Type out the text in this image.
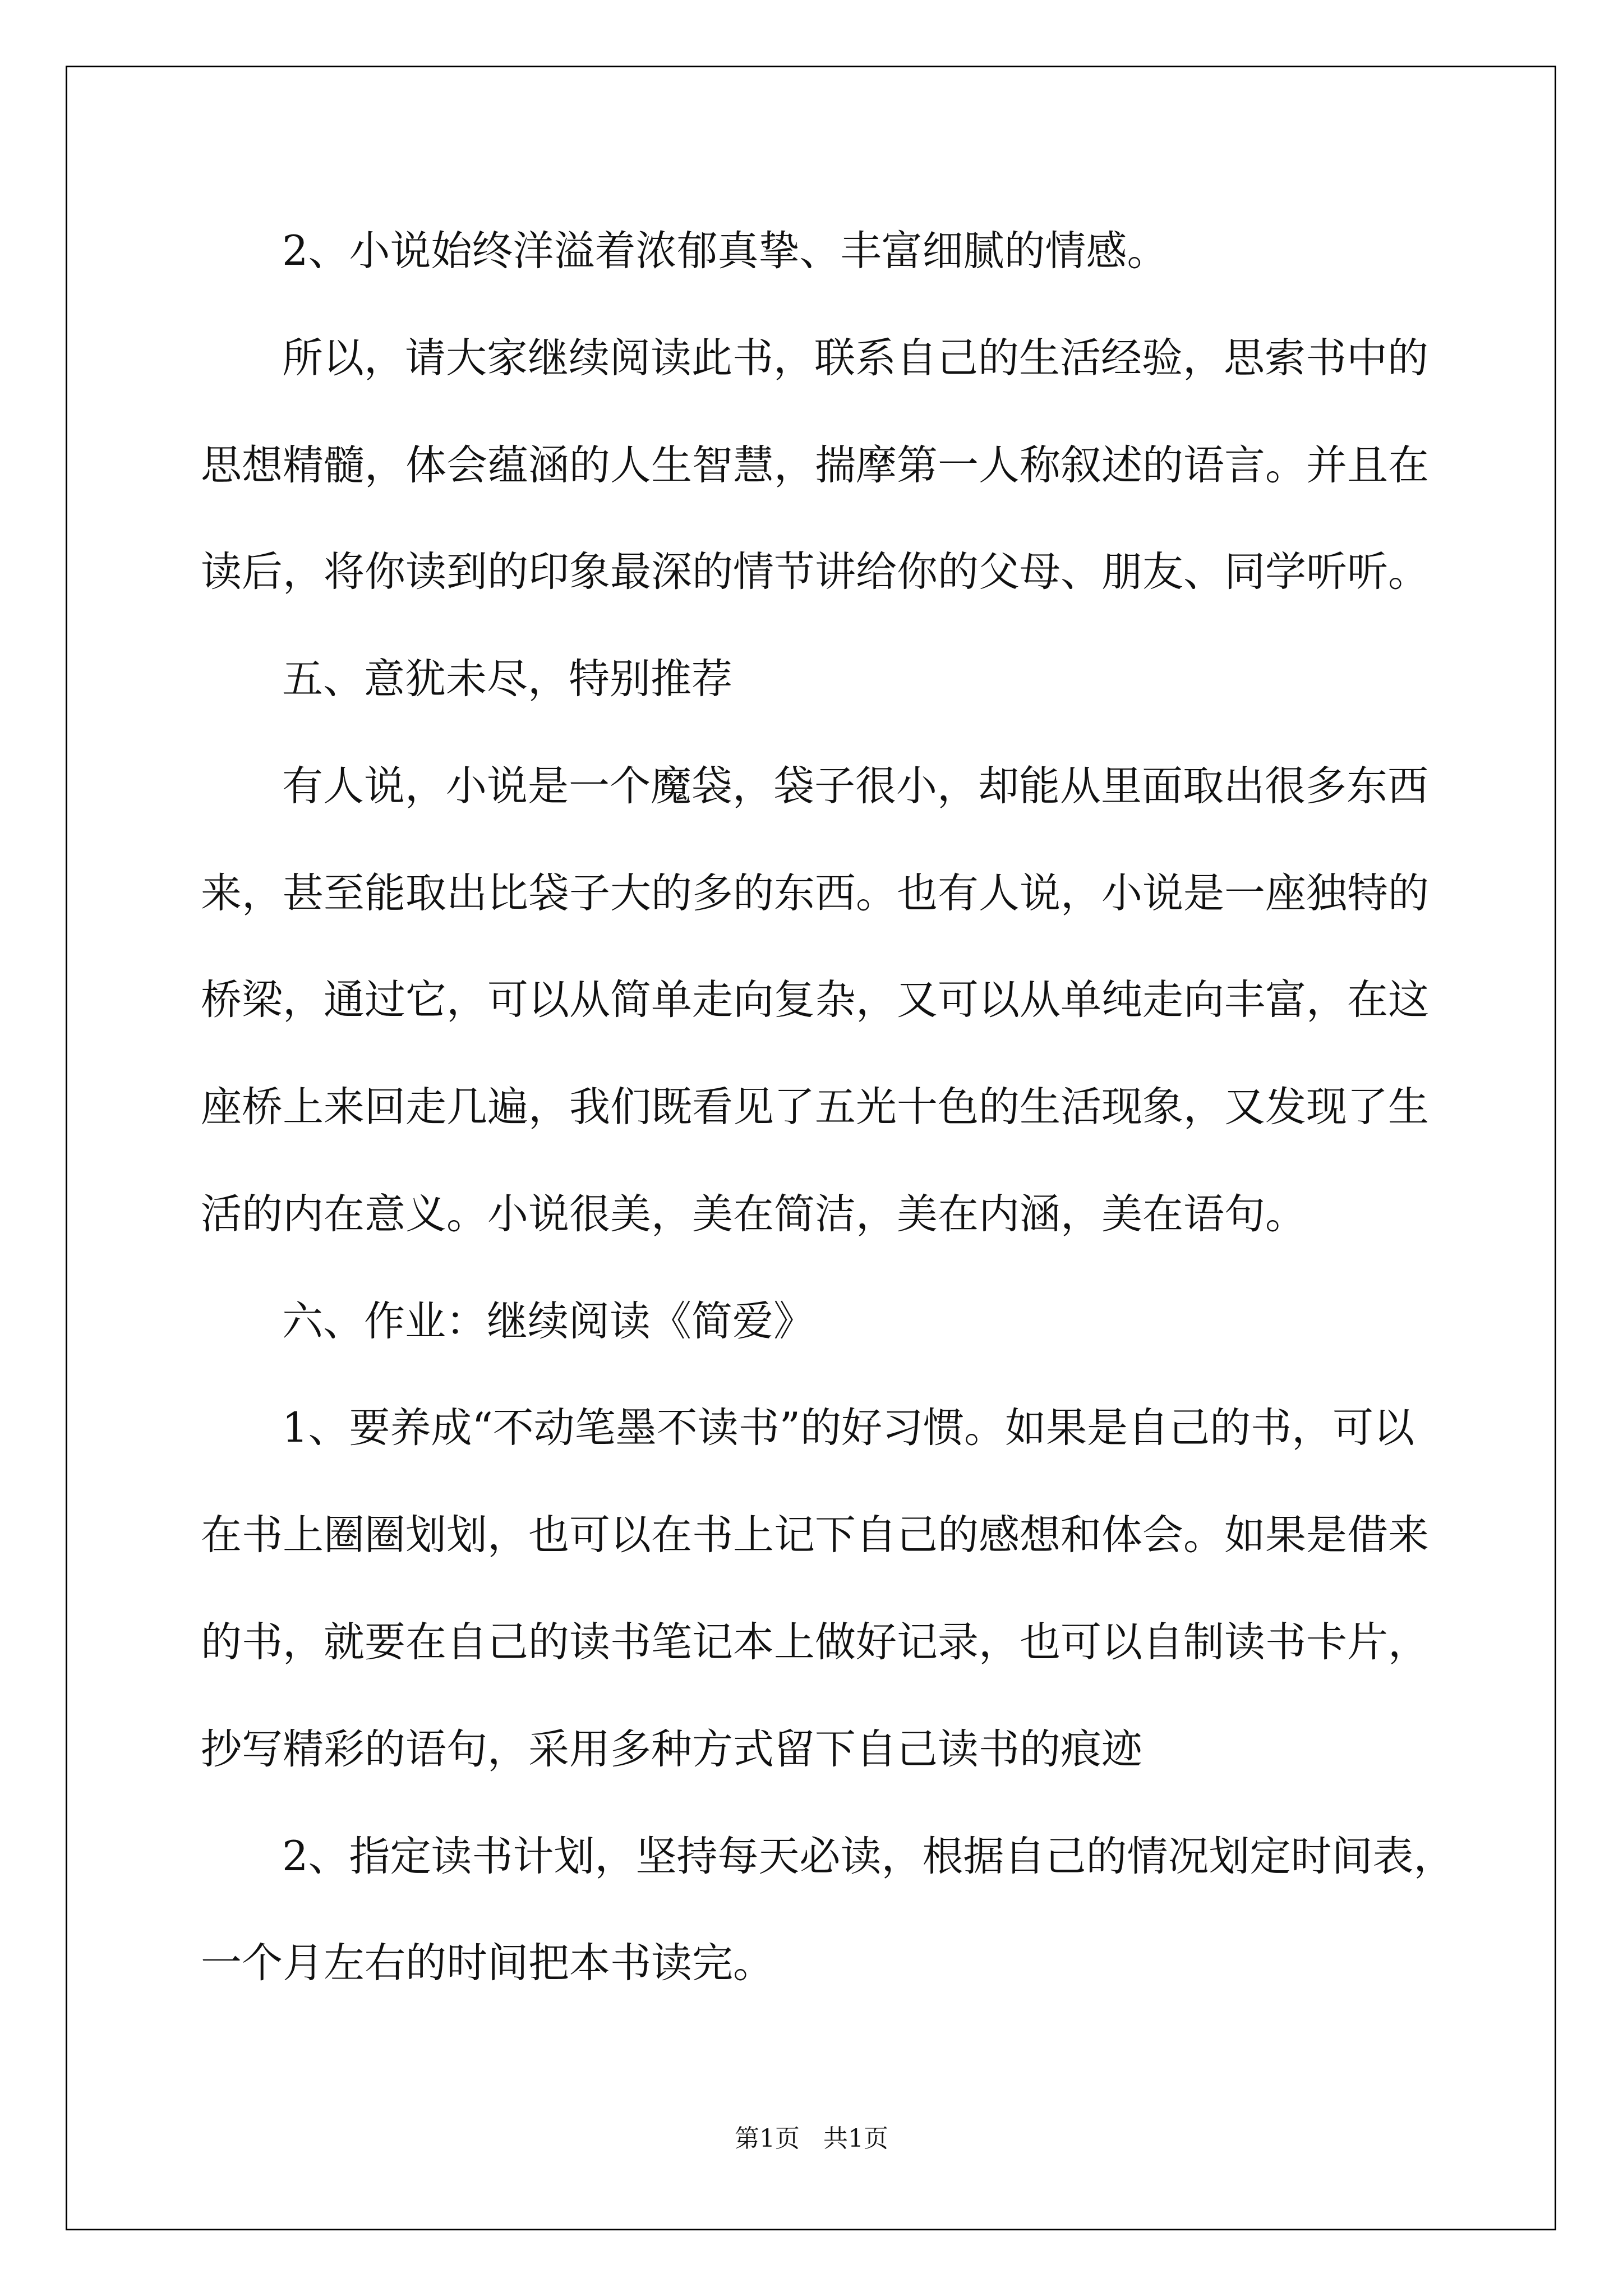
2、小说始终洋溢着浓郁真挚、丰富细腻的情感。
所以，请大家继续阅读此书，联系自己的生活经验，思索书中的
思想精髓，体会蕴涵的人生智慧，揣摩第一人称叙述的语言。并且在
读后，将你读到的印象最深的情节讲给你的父母、朋友、同学听听。
五、意犹未尽，特别推荐
有人说，小说是一个魔袋，袋子很小，却能从里面取出很多东西
来，甚至能取出比袋子大的多的东西。也有人说，小说是一座独特的
桥梁，通过它，可以从简单走向复杂，又可以从单纯走向丰富，在这
座桥上来回走几遍，我们既看见了五光十色的生活现象，又发现了生
活的内在意义。小说很美，美在简洁，美在内涵，美在语句。
六、作业：继续阅读《简爱》
1、要养成“不动笔墨不读书”的好习惯。如果是自己的书，可以
在书上圈圈划划，也可以在书上记下自己的感想和体会。如果是借来
的书，就要在自己的读书笔记本上做好记录，也可以自制读书卡片，
抄写精彩的语句，采用多种方式留下自己读书的痕迹
2、指定读书计划，坚持每天必读，根据自己的情况划定时间表，
一个月左右的时间把本书读完。
第1页   共1页
